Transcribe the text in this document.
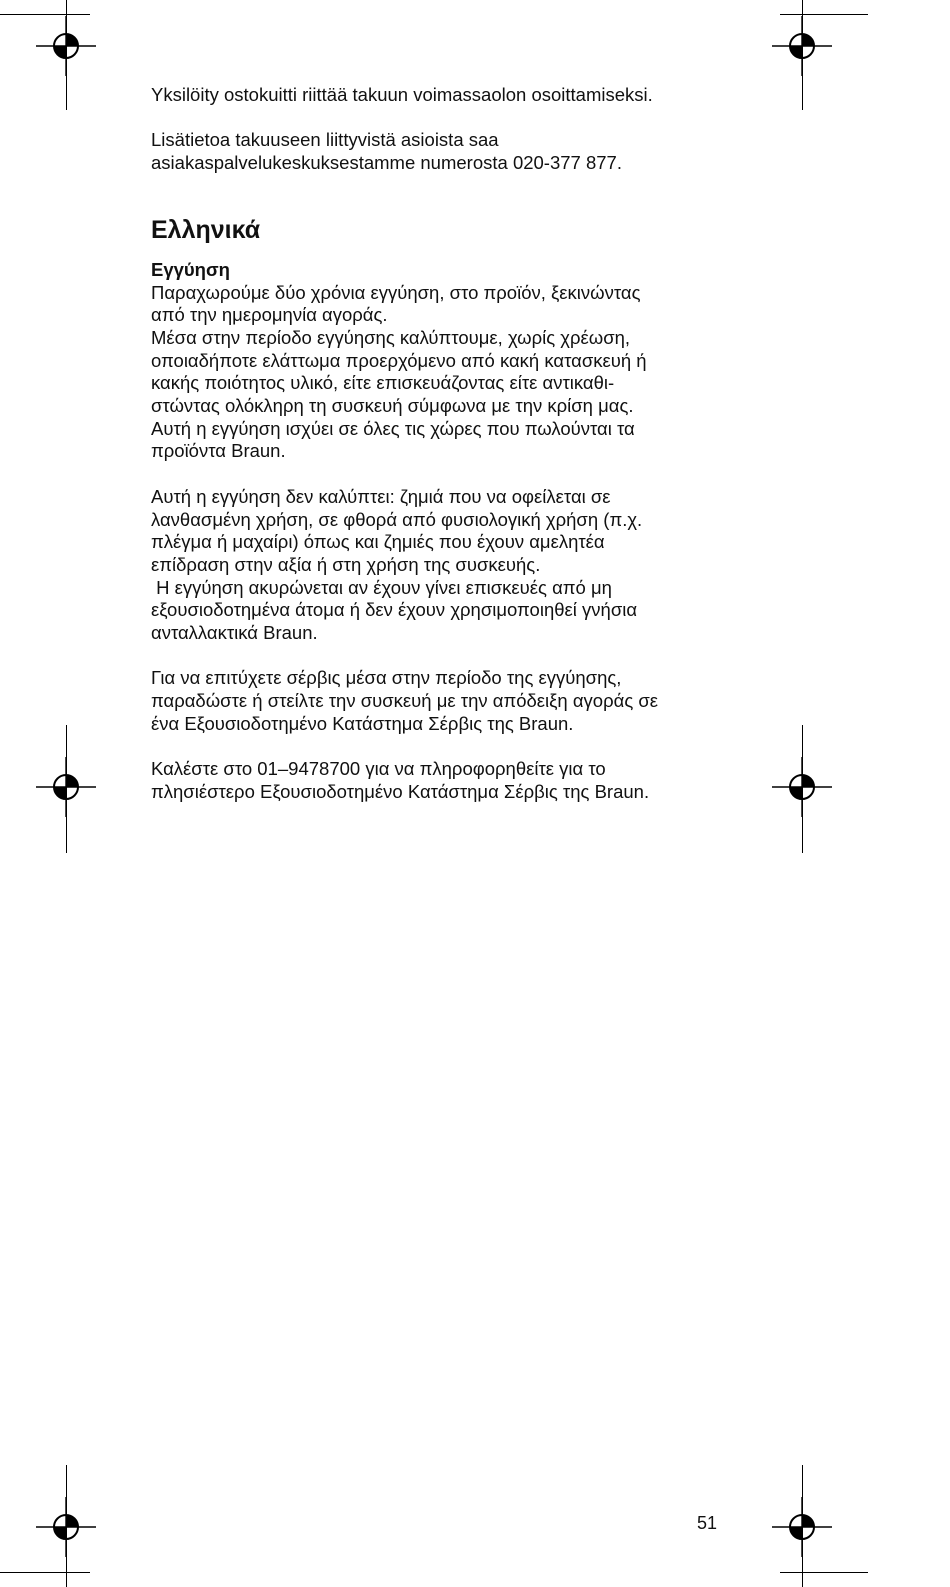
Yksilöity ostokuitti riittää takuun voimassaolon osoittamiseksi.
Lisätietoa takuuseen liittyvistä asioista saa
asiakaspalvelukeskuksestamme numerosta 020-377 877.
Ελληνικά
Εγγύηση
Παραχωρούμε δύο χρόνια εγγύηση, στο προϊόν, ξεκινώντας
από την ημερομηνία αγοράς.
Μέσα στην περίοδο εγγύησης καλύπτουμε, χωρίς χρέωση,
οποιαδήποτε ελάττωμα προερχόμενο από κακή κατασκευή ή
κακής ποιότητος υλικό, είτε επισκευάζοντας είτε αντικαθι-
στώντας ολόκληρη τη συσκευή σύμφωνα με την κρίση μας.
Αυτή η εγγύηση ισχύει σε όλες τις χώρες που πωλούνται τα
προϊόντα Braun.
Αυτή η εγγύηση δεν καλύπτει: ζημιά που να οφείλεται σε
λανθασμένη χρήση, σε φθορά από φυσιολογική χρήση (π.χ.
πλέγμα ή μαχαίρι) όπως και ζημιές που έχουν αμελητέα
επίδραση στην αξία ή στη χρήση της συσκευής.
Η εγγύηση ακυρώνεται αν έχουν γίνει επισκευές από μη
εξουσιοδοτημένα άτομα ή δεν έχουν χρησιμοποιηθεί γνήσια
ανταλλακτικά Braun.
Για να επιτύχετε σέρβις μέσα στην περίοδο της εγγύησης,
παραδώστε ή στείλτε την συσκευή με την απόδειξη αγοράς σε
ένα Εξουσιοδοτημένο Κατάστημα Σέρβις της Braun.
Καλέστε στο 01–9478700 για να πληροφορηθείτε για το
πλησιέστερο Εξουσιοδοτημένο Κατάστημα Σέρβις της Braun.
51
